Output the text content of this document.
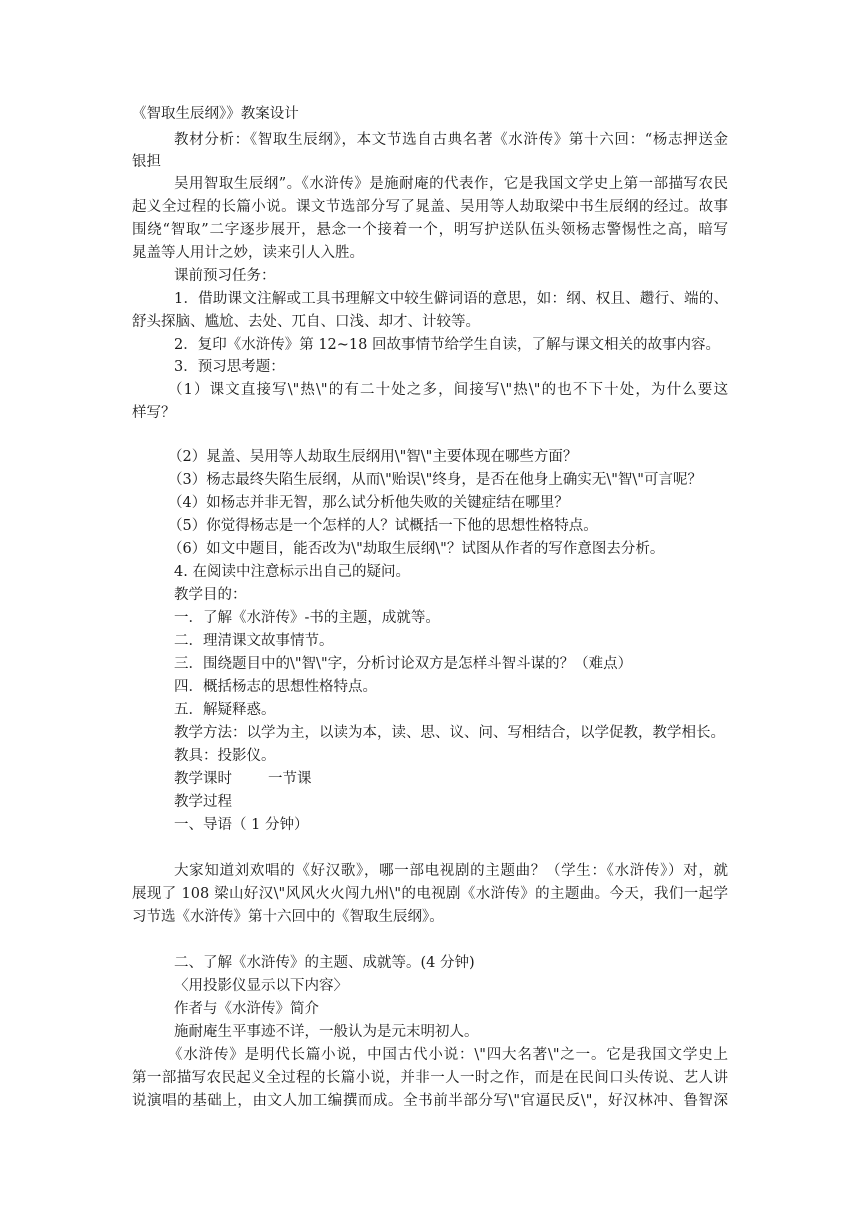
《智取生辰纲》》教案设计
教材分析：《智取生辰纲》，本文节选自古典名著《水浒传》第十六回：“杨志押送金
银担
吴用智取生辰纲”。《水浒传》是施耐庵的代表作，它是我国文学史上第一部描写农民
起义全过程的长篇小说。课文节选部分写了晁盖、吴用等人劫取梁中书生辰纲的经过。故事
围绕“智取”二字逐步展开，悬念一个接着一个，明写护送队伍头领杨志警惕性之高，暗写
晁盖等人用计之妙，读来引人入胜。
课前预习任务：
1．借助课文注解或工具书理解文中较生僻词语的意思，如：纲、权且、趱行、端的、
舒头探脑、尴尬、去处、兀自、口浅、却才、计较等。
2．复印《水浒传》第 12~18 回故事情节给学生自读，了解与课文相关的故事内容。
3．预习思考题：
（1）课文直接写\"热\"的有二十处之多，间接写\"热\"的也不下十处，为什么要这
样写？
（2）晁盖、吴用等人劫取生辰纲用\"智\"主要体现在哪些方面？
（3）杨志最终失陷生辰纲，从而\"贻误\"终身，是否在他身上确实无\"智\"可言呢？
（4）如杨志并非无智，那么试分析他失败的关键症结在哪里？
（5）你觉得杨志是一个怎样的人？试概括一下他的思想性格特点。
（6）如文中题目，能否改为\"劫取生辰纲\"？试图从作者的写作意图去分析。
4. 在阅读中注意标示出自己的疑问。
教学目的：
一．了解《水浒传》-书的主题，成就等。
二．理清课文故事情节。
三．围绕题目中的\"智\"字，分析讨论双方是怎样斗智斗谋的？（难点）
四．概括杨志的思想性格特点。
五．解疑释惑。
教学方法：以学为主，以读为本，读、思、议、问、写相结合，以学促教，教学相长。
教具：投影仪。
教学课时 一节课
教学过程
一、导语（ 1 分钟）
大家知道刘欢唱的《好汉歌》，哪一部电视剧的主题曲？（学生：《水浒传》）对，就
展现了 108 梁山好汉\"风风火火闯九州\"的电视剧《水浒传》的主题曲。今天，我们一起学
习节选《水浒传》第十六回中的《智取生辰纲》。
二、了解《水浒传》的主题、成就等。(4 分钟)
〈用投影仪显示以下内容〉
作者与《水浒传》简介
施耐庵生平事迹不详，一般认为是元末明初人。
《水浒传》是明代长篇小说，中国古代小说：\"四大名著\"之一。它是我国文学史上
第一部描写农民起义全过程的长篇小说，并非一人一时之作，而是在民间口头传说、艺人讲
说演唱的基础上，由文人加工编撰而成。全书前半部分写\"官逼民反\"，好汉林冲、鲁智深
